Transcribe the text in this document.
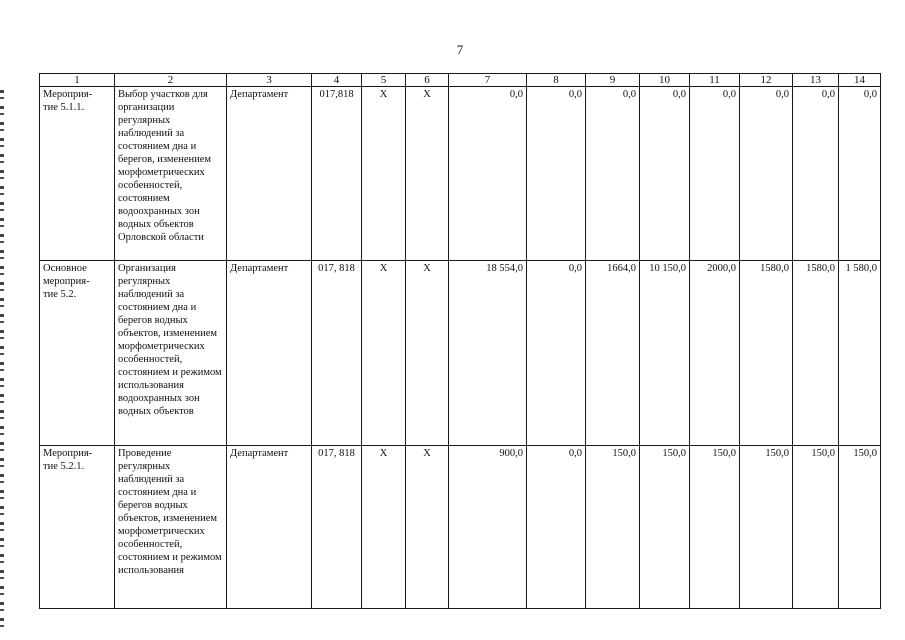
7
1	2	3	4	5	6	7	8	9	10	11	12	13	14
Мероприя-
тие 5.1.1.	Выбор участков для организации регулярных наблюдений за состоянием дна и берегов, изменением морфометрических особенностей, состоянием водоохранных зон водных объектов Орловской области	Департамент	017,818	X	X	0,0	0,0	0,0	0,0	0,0	0,0	0,0	0,0
Основное
мероприя-
тие 5.2.	Организация регулярных наблюдений за состоянием дна и берегов водных объектов, изменением морфометрических особенностей, состоянием и режимом использования водоохранных зон водных объектов	Департамент	017, 818	X	X	18 554,0	0,0	1664,0	10 150,0	2000,0	1580,0	1580,0	1 580,0
Мероприя-
тие 5.2.1.	Проведение регулярных наблюдений за состоянием дна и берегов водных объектов, изменением морфометрических особенностей, состоянием и режимом использования	Департамент	017, 818	X	X	900,0	0,0	150,0	150,0	150,0	150,0	150,0	150,0
